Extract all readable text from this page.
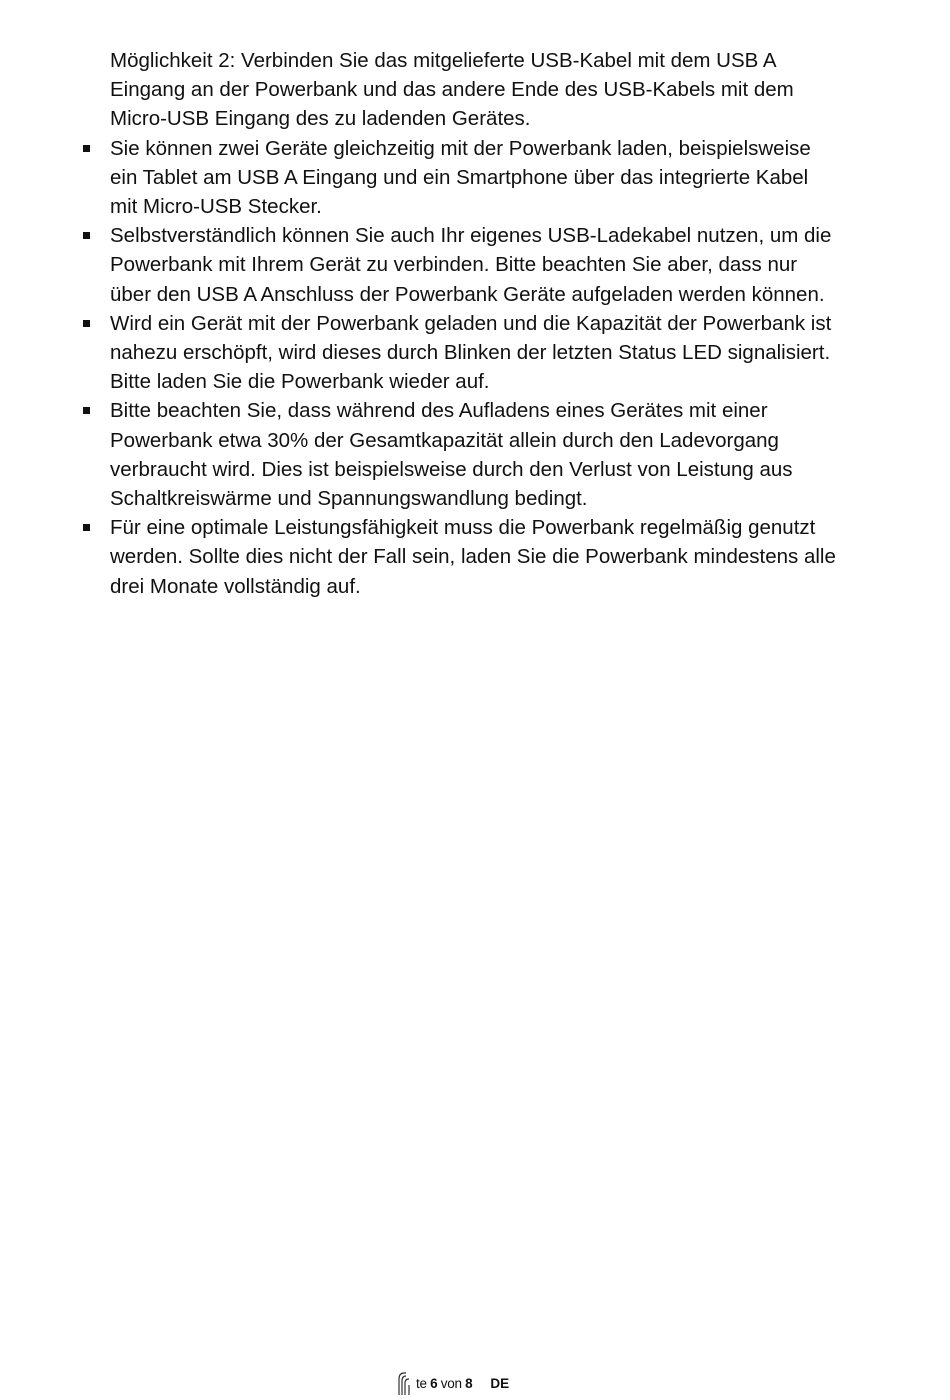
Möglichkeit 2: Verbinden Sie das mitgelieferte USB-Kabel mit dem USB A Eingang an der Powerbank und das andere Ende des USB-Kabels mit dem Micro-USB Eingang des zu ladenden Gerätes.

Sie können zwei Geräte gleichzeitig mit der Powerbank laden, beispielsweise ein Tablet am USB A Eingang und ein Smartphone über das integrierte Kabel mit Micro-USB Stecker.
Selbstverständlich können Sie auch Ihr eigenes USB-Ladekabel nutzen, um die Powerbank mit Ihrem Gerät zu verbinden. Bitte beachten Sie aber, dass nur über den USB A Anschluss der Powerbank Geräte aufgeladen werden können.
Wird ein Gerät mit der Powerbank geladen und die Kapazität der Powerbank ist nahezu erschöpft, wird dieses durch Blinken der letzten Status LED signalisiert. Bitte laden Sie die Powerbank wieder auf.
Bitte beachten Sie, dass während des Aufladens eines Gerätes mit einer Powerbank etwa 30% der Gesamtkapazität allein durch den Ladevorgang verbraucht wird. Dies ist beispielsweise durch den Verlust von Leistung aus Schaltkreiswärme und Spannungswandlung bedingt.
Für eine optimale Leistungsfähigkeit muss die Powerbank regelmäßig genutzt werden. Sollte dies nicht der Fall sein, laden Sie die Powerbank mindestens alle drei Monate vollständig auf.
te 6 von 8 DE
